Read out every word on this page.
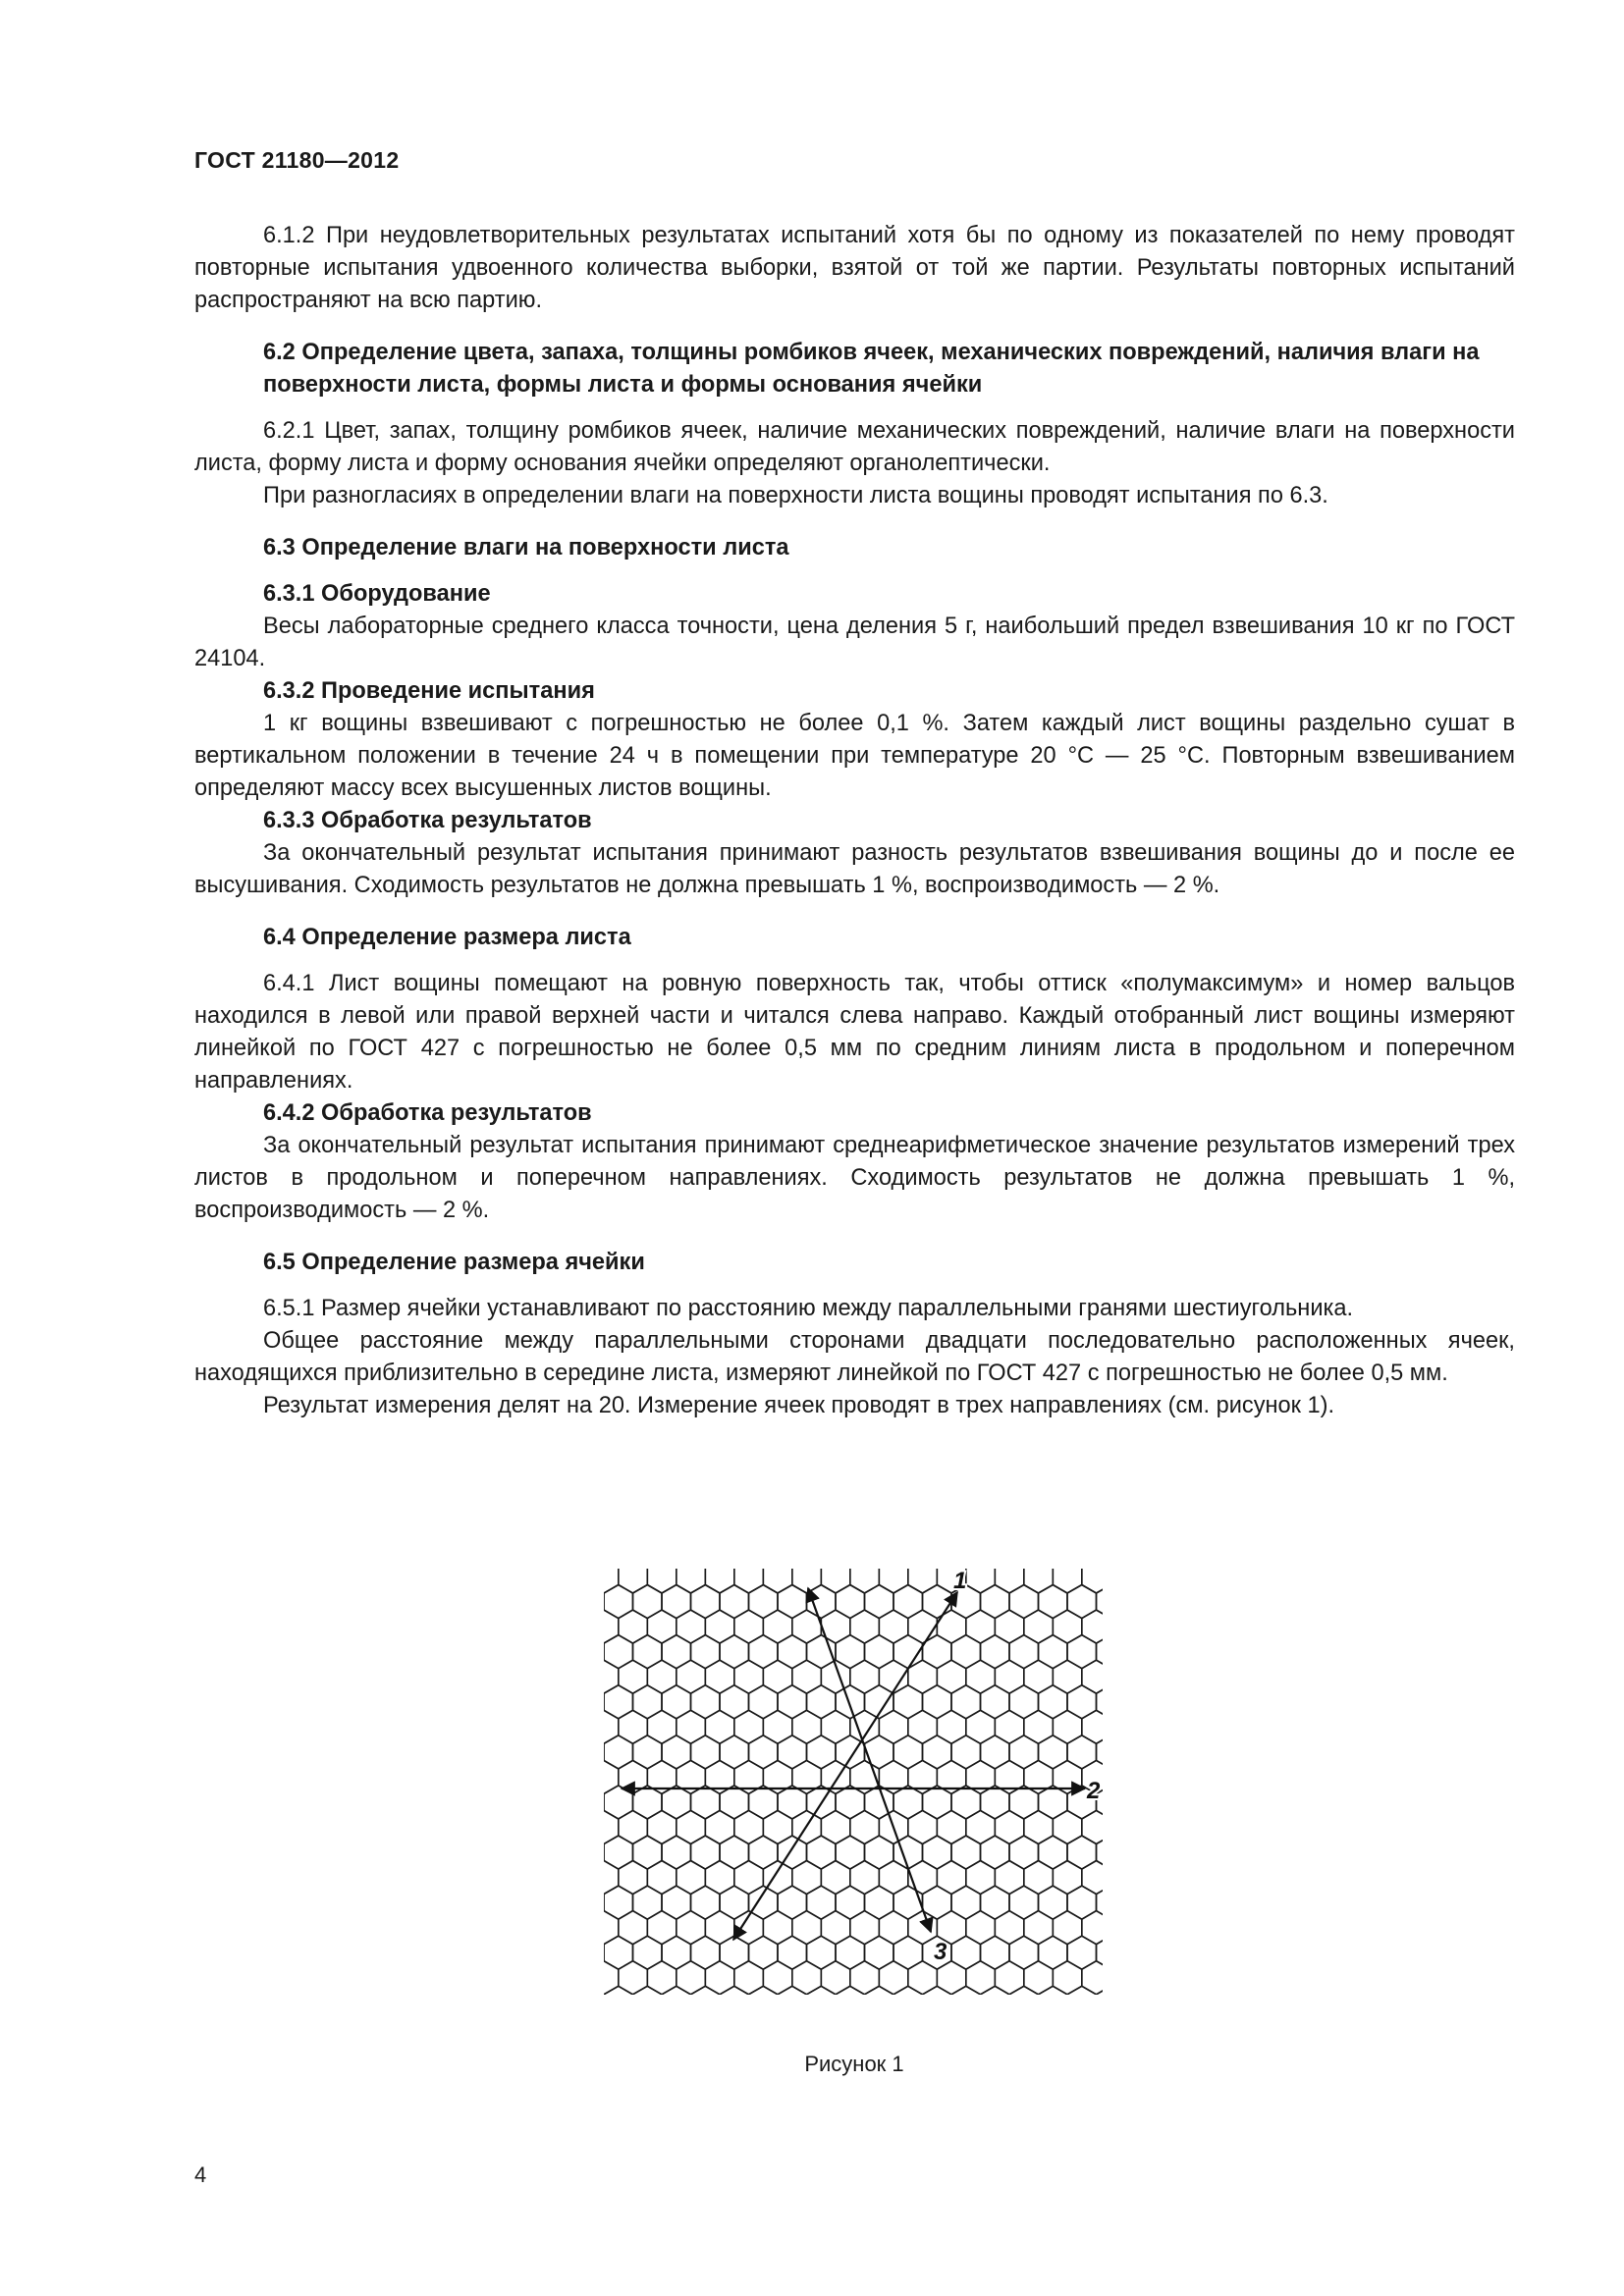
ГОСТ 21180—2012

6.1.2 При неудовлетворительных результатах испытаний хотя бы по одному из показателей по нему проводят повторные испытания удвоенного количества выборки, взятой от той же партии. Результаты повторных испытаний распространяют на всю партию.

6.2 Определение цвета, запаха, толщины ромбиков ячеек, механических повреждений, наличия влаги на поверхности листа, формы листа и формы основания ячейки

6.2.1 Цвет, запах, толщину ромбиков ячеек, наличие механических повреждений, наличие влаги на поверхности листа, форму листа и форму основания ячейки определяют органолептически.

При разногласиях в определении влаги на поверхности листа вощины проводят испытания по 6.3.

6.3 Определение влаги на поверхности листа
6.3.1 Оборудование

Весы лабораторные среднего класса точности, цена деления 5 г, наибольший предел взвешивания 10 кг по ГОСТ 24104.

6.3.2 Проведение испытания

1 кг вощины взвешивают с погрешностью не более 0,1 %. Затем каждый лист вощины раздельно сушат в вертикальном положении в течение 24 ч в помещении при температуре 20 °С — 25 °С. Повторным взвешиванием определяют массу всех высушенных листов вощины.

6.3.3 Обработка результатов

За окончательный результат испытания принимают разность результатов взвешивания вощины до и после ее высушивания. Сходимость результатов не должна превышать 1 %, воспроизводимость — 2 %.

6.4 Определение размера листа

6.4.1 Лист вощины помещают на ровную поверхность так, чтобы оттиск «полумаксимум» и номер вальцов находился в левой или правой верхней части и читался слева направо. Каждый отобранный лист вощины измеряют линейкой по ГОСТ 427 с погрешностью не более 0,5 мм по средним линиям листа в продольном и поперечном направлениях.

6.4.2 Обработка результатов

За окончательный результат испытания принимают среднеарифметическое значение результатов измерений трех листов в продольном и поперечном направлениях. Сходимость результатов не должна превышать 1 %, воспроизводимость — 2 %.

6.5 Определение размера ячейки

6.5.1 Размер ячейки устанавливают по расстоянию между параллельными гранями шестиугольника.

Общее расстояние между параллельными сторонами двадцати последовательно расположенных ячеек, находящихся приблизительно в середине листа, измеряют линейкой по ГОСТ 427 с погрешностью не более 0,5 мм.

Результат измерения делят на 20. Измерение ячеек проводят в трех направлениях (см. рисунок 1).

1
2
3
Рисунок 1
4
